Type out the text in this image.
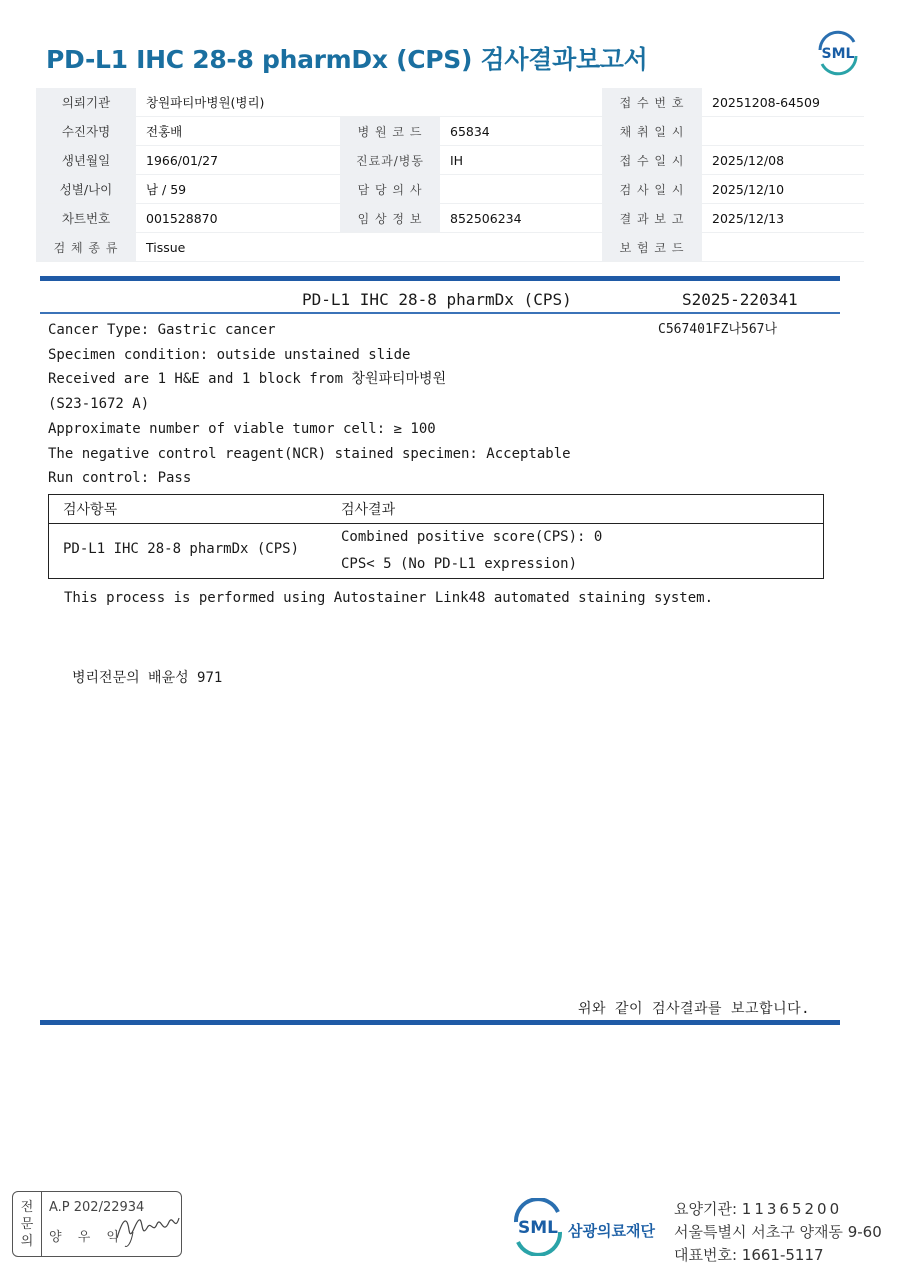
PD-L1 IHC 28-8 pharmDx (CPS) 검사결과보고서	SML
의뢰기관	창원파티마병원(병리)			접 수 번 호	20251208-64509
수진자명	전홍배	병 원 코 드	65834	채 취 일 시	
생년월일	1966/01/27	진료과/병동	IH	접 수 일 시	2025/12/08
성별/나이	남 / 59	담 당 의 사		검 사 일 시	2025/12/10
차트번호	001528870	임 상 정 보	852506234	결 과 보 고	2025/12/13
검 체 종 류	Tissue			보 험 코 드	
PD-L1 IHC 28-8 pharmDx (CPS)	S2025-220341
C567401FZ나567나
Cancer Type: Gastric cancer
Specimen condition: outside unstained slide
Received are 1 H&E and 1 block from 창원파티마병원
(S23-1672 A)
Approximate number of viable tumor cell: ≥ 100
The negative control reagent(NCR) stained specimen: Acceptable
Run control: Pass
검사항목	검사결과
PD-L1 IHC 28-8 pharmDx (CPS)
Combined positive score(CPS): 0
CPS< 5 (No PD-L1 expression)
This process is performed using Autostainer Link48 automated staining system.
병리전문의 배윤성 971
위와 같이 검사결과를 보고합니다.
전
문
의
A.P 202/22934
양 우 익	SML 삼광의료재단
요양기관: 11365200
서울특별시 서초구 양재동 9-60
대표번호: 1661-5117
